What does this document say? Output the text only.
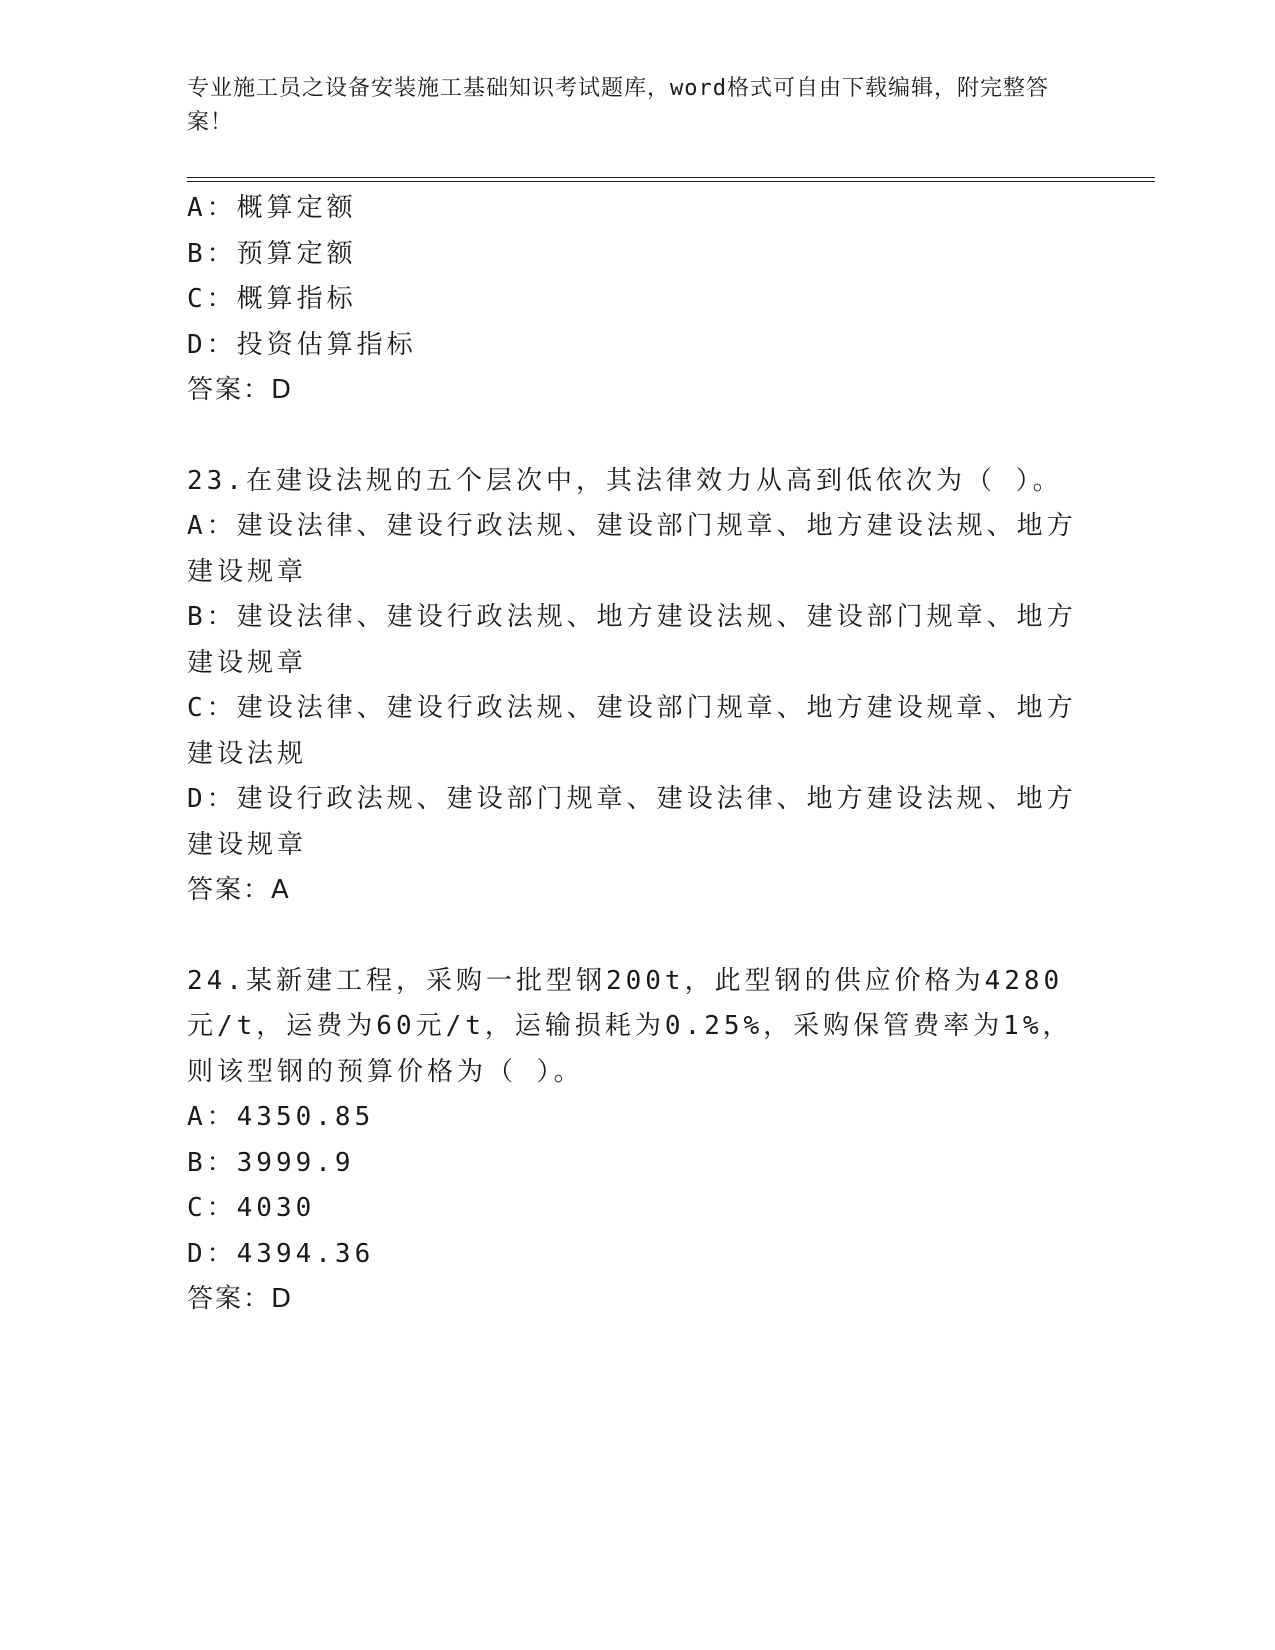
专业施工员之设备安装施工基础知识考试题库，word格式可自由下载编辑，附完整答案！
A：概算定额
B：预算定额
C：概算指标
D：投资估算指标
答案：D
23.在建设法规的五个层次中，其法律效力从高到低依次为（ ）。
A：建设法律、建设行政法规、建设部门规章、地方建设法规、地方建设规章
B：建设法律、建设行政法规、地方建设法规、建设部门规章、地方建设规章
C：建设法律、建设行政法规、建设部门规章、地方建设规章、地方建设法规
D：建设行政法规、建设部门规章、建设法律、地方建设法规、地方建设规章
答案：A
24.某新建工程，采购一批型钢200t，此型钢的供应价格为4280元/t，运费为60元/t，运输损耗为0.25%，采购保管费率为1%，则该型钢的预算价格为（ ）。
A：4350.85
B：3999.9
C：4030
D：4394.36
答案：D
